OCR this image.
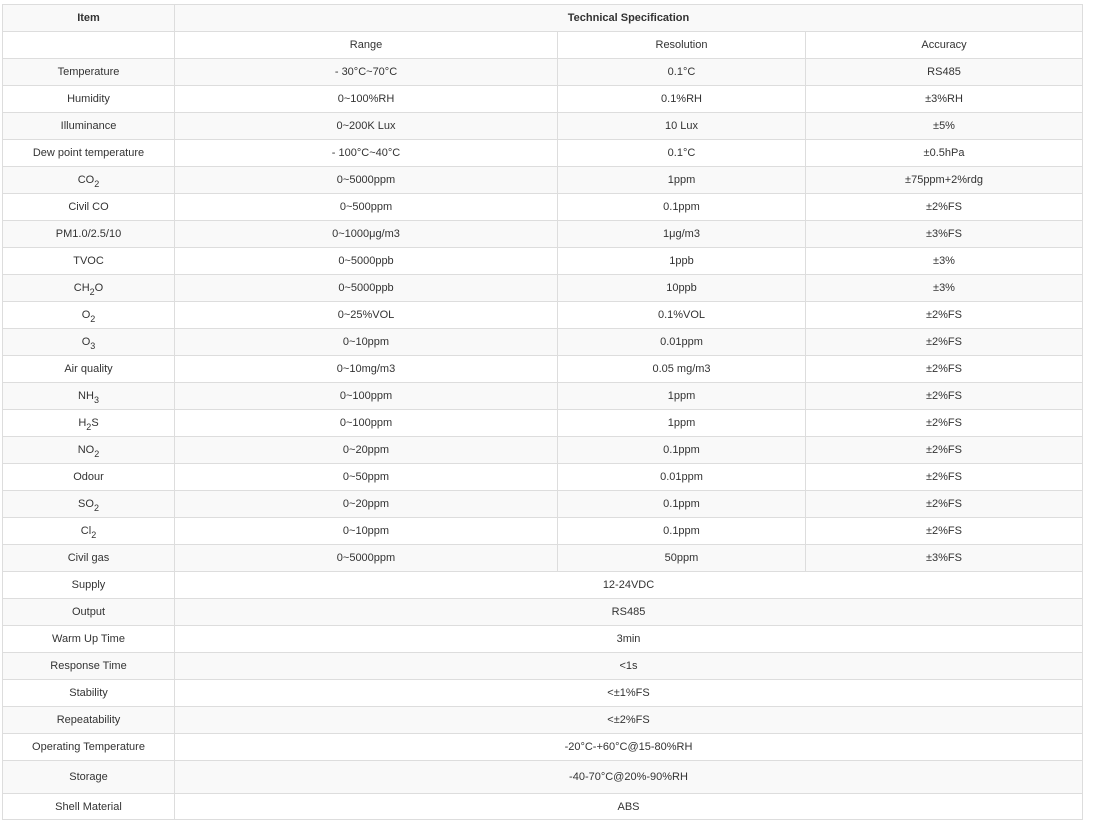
Item	Technical Specification		
	Range	Resolution	Accuracy
Temperature	- 30°C~70°C	0.1°C	RS485
Humidity	0~100%RH	0.1%RH	±3%RH
Illuminance	0~200K Lux	10 Lux	±5%
Dew point temperature	- 100°C~40°C	0.1°C	±0.5hPa
$CO_2$	0~5000ppm	1ppm	±75ppm+2%rdg
Civil CO	0~500ppm	0.1ppm	±2%FS
PM1.0/2.5/10	0~1000μg/m3	1μg/m3	±3%FS
TVOC	0~5000ppb	1ppb	±3%
$CH_2O$	0~5000ppb	10ppb	±3%
$O_2$	0~25%VOL	0.1%VOL	±2%FS
$O_3$	0~10ppm	0.01ppm	±2%FS
Air quality	0~10mg/m3	0.05 mg/m3	±2%FS
$NH_3$	0~100ppm	1ppm	±2%FS
$H_2S$	0~100ppm	1ppm	±2%FS
$NO_2$	0~20ppm	0.1ppm	±2%FS
Odour	0~50ppm	0.01ppm	±2%FS
$SO_2$	0~20ppm	0.1ppm	±2%FS
$Cl_2$	0~10ppm	0.1ppm	±2%FS
Civil gas	0~5000ppm	50ppm	±3%FS
Supply	12-24VDC		
Output	RS485		
Warm Up Time	3min		
Response Time	<1s		
Stability	<±1%FS		
Repeatability	<±2%FS		
Operating Temperature	-20°C-+60°C@15-80%RH		
Storage	-40-70°C@20%-90%RH		
Shell Material	ABS		
